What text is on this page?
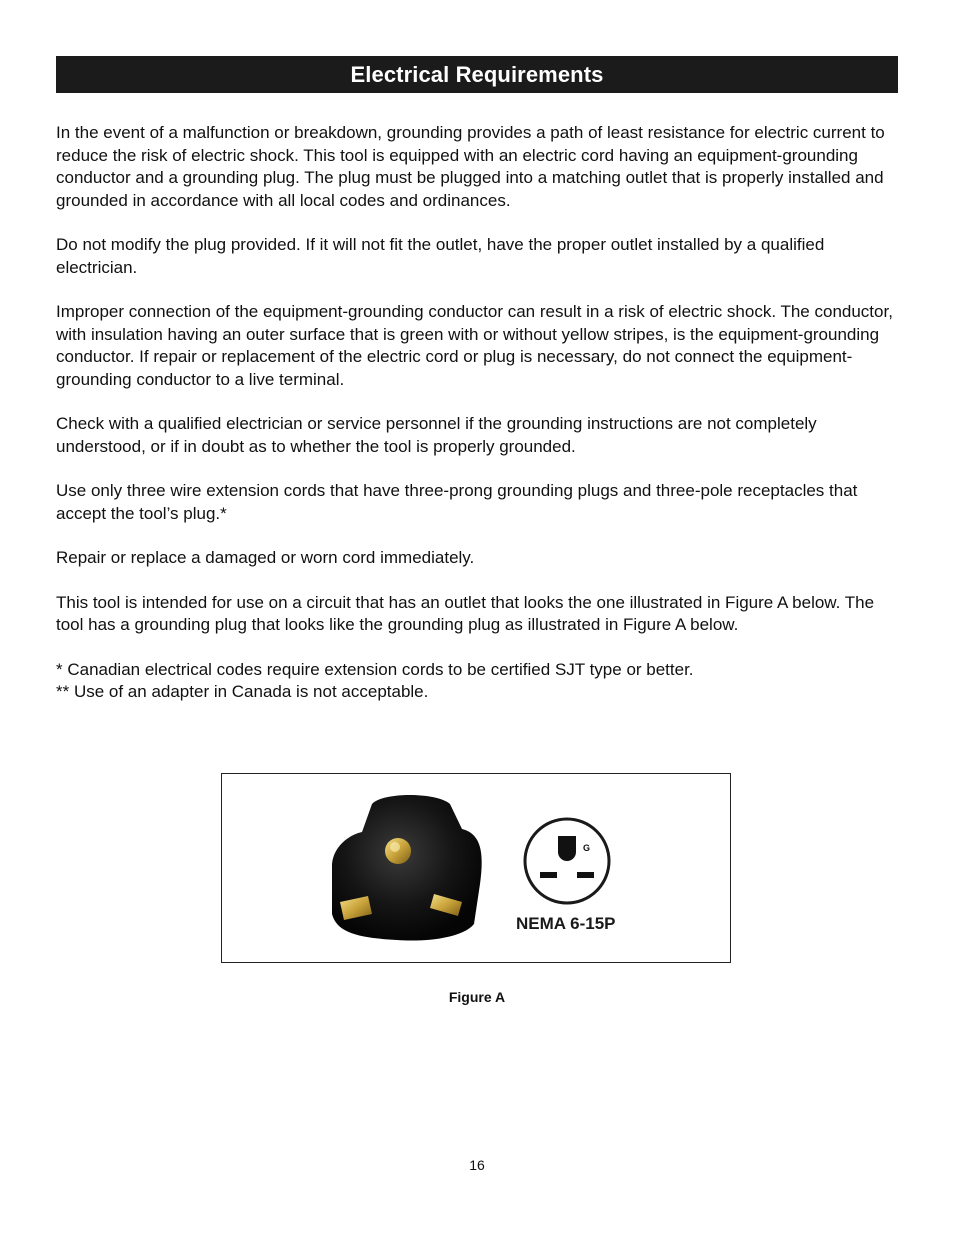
Electrical Requirements

In the event of a malfunction or breakdown, grounding provides a path of least resistance for electric current to reduce the risk of electric shock. This tool is equipped with an electric cord having an equipment-grounding conductor and a grounding plug. The plug must be plugged into a matching outlet that is properly installed and grounded in accordance with all local codes and ordinances.

Do not modify the plug provided. If it will not fit the outlet, have the proper outlet installed by a qualified electrician.

Improper connection of the equipment-grounding conductor can result in a risk of electric shock. The conductor, with insulation having an outer surface that is green with or without yellow stripes, is the equipment-grounding conductor. If repair or replacement of the electric cord or plug is necessary, do not connect the equipment-grounding conductor to a live terminal.

Check with a qualified electrician or service personnel if the grounding instructions are not completely understood, or if in doubt as to whether the tool is properly grounded.

Use only three wire extension cords that have three-prong grounding plugs and three-pole receptacles that accept the tool’s plug.*

Repair or replace a damaged or worn cord immediately.

This tool is intended for use on a circuit that has an outlet that looks the one illustrated in Figure A below. The tool has a grounding plug that looks like the grounding plug as illustrated in Figure A below.

* Canadian electrical codes require extension cords to be certified SJT type or better.

** Use of an adapter in Canada is not acceptable.

G
NEMA 6-15P
Figure A
16
